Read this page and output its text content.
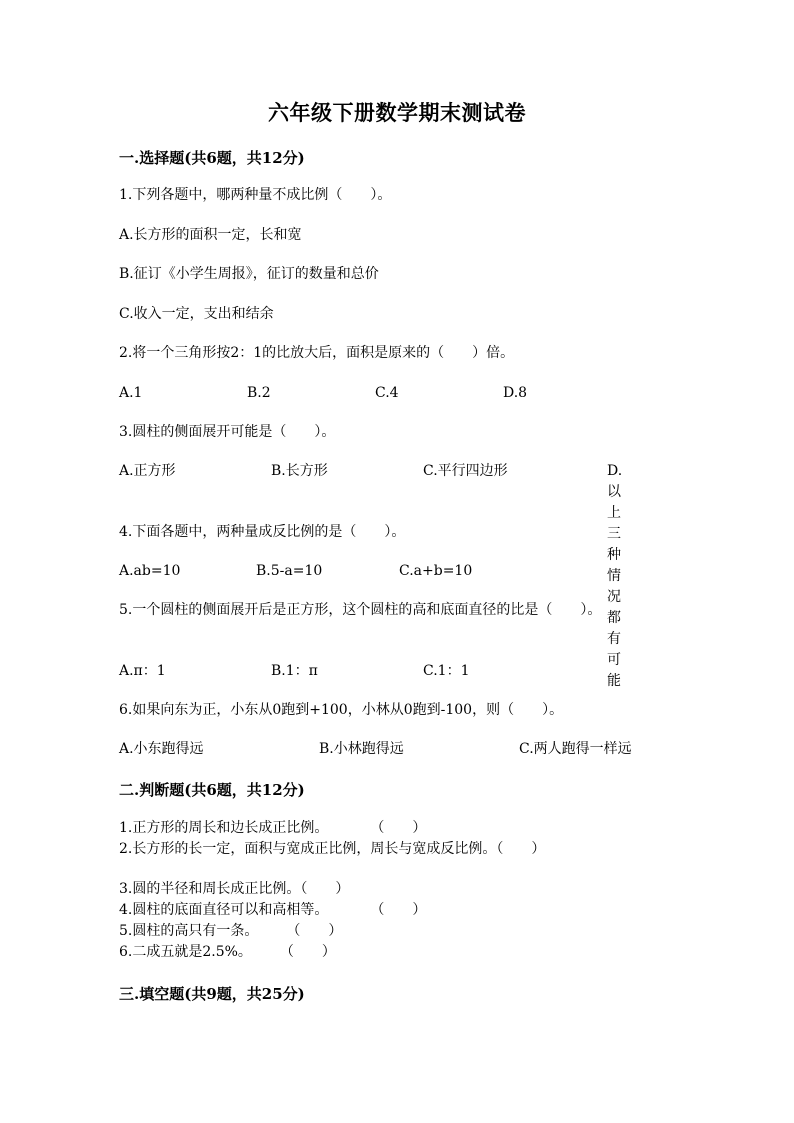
六年级下册数学期末测试卷
一.选择题(共6题，共12分)
1.下列各题中，哪两种量不成比例（　　）。
A.长方形的面积一定，长和宽
B.征订《小学生周报》，征订的数量和总价
C.收入一定，支出和结余
2.将一个三角形按2：1的比放大后，面积是原来的（　　）倍。
A.1	B.2	C.4	D.8
3.圆柱的侧面展开可能是（　　）。
A.正方形	B.长方形	C.平行四边形	D.以上三种情况都有可能
4.下面各题中，两种量成反比例的是（　　）。
A.ab=10	B.5-a=10	C.a+b=10
5.一个圆柱的侧面展开后是正方形，这个圆柱的高和底面直径的比是（　　）。
A.π：1	B.1：π	C.1：1
6.如果向东为正，小东从0跑到+100，小林从0跑到-100，则（　　）。
A.小东跑得远	B.小林跑得远	C.两人跑得一样远
二.判断题(共6题，共12分)
1.正方形的周长和边长成正比例。　　　　（　　）
2.长方形的长一定，面积与宽成正比例，周长与宽成反比例。（　　）
3.圆的半径和周长成正比例。（　　）
4.圆柱的底面直径可以和高相等。　　　　（　　）
5.圆柱的高只有一条。　　　（　　）
6.二成五就是2.5%。　　　（　　）
三.填空题(共9题，共25分)
